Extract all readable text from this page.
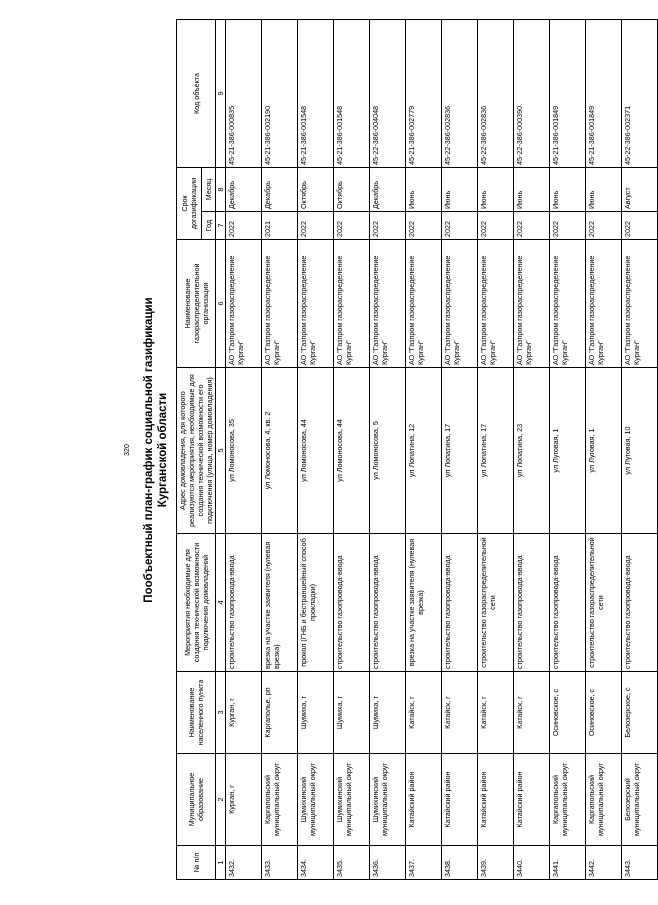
320 Пообъектный план-график социальной газификации Курганской области
№ п/п	Муниципальное образование	Наименование населенного пункта	Мероприятия необходимые для создания технической возможности подключения домовладений	Адрес домовладения, для которого реализуются мероприятия, необходимые для создания технической возможности его подключения (улица, номер домовладения)	Наименование газораспределительной организации	Срок догазификации		Код объекта
						Год	Месяц	
1	2	3	4	5	6	7	8	9
3432.	Курган, г	Курган, г	строительство газопровода-ввода	ул Ломоносова, 35	АО "Газпром газораспределение Курган"	2022	Декабрь	45-21-386-000835
3433.	Каргапольский муниципальный округ	Каргаполье, рп	врезка на участке заявителя (нулевая врезка)	ул Ломоносова, 4, кв. 2	АО "Газпром газораспределение Курган"	2021	Декабрь	45-21-386-002190
3434.	Шумихинский муниципальный округ	Шумиха, г	прокол (ГНБ и бестраншейный способ прокладки)	ул Ломоносова, 44	АО "Газпром газораспределение Курган"	2022	Октябрь	45-21-386-001548
3435.	Шумихинский муниципальный округ	Шумиха, г	строительство газопровода-ввода	ул Ломоносова, 44	АО "Газпром газораспределение Курган"	2022	Октябрь	45-21-386-001548
3436.	Шумихинский муниципальный округ	Шумиха, г	строительство газопровода-ввода	ул Ломоносова, 5	АО "Газпром газораспределение Курган"	2022	Декабрь	45-22-386-004048
3437.	Катайский район	Катайск, г	врезка на участке заявителя (нулевая врезка)	ул Лопатина, 12	АО "Газпром газораспределение Курган"	2022	Июнь	45-21-386-002779
3438.	Катайский район	Катайск, г	строительство газопровода-ввода	ул Лопатина, 17	АО "Газпром газораспределение Курган"	2022	Июнь	45-22-386-002836
3439.	Катайский район	Катайск, г	строительство газораспределительной сети	ул Лопатина, 17	АО "Газпром газораспределение Курган"	2022	Июнь	45-22-386-002836
3440.	Катайский район	Катайск, г	строительство газопровода-ввода	ул Лопатина, 23	АО "Газпром газораспределение Курган"	2022	Июнь	45-22-386-000390
3441.	Каргапольский муниципальный округ	Осиновское, с	строительство газопровода-ввода	ул Луговая, 1	АО "Газпром газораспределение Курган"	2022	Июнь	45-21-386-001849
3442.	Каргапольский муниципальный округ	Осиновское, с	строительство газораспределительной сети	ул Луговая, 1	АО "Газпром газораспределение Курган"	2022	Июнь	45-21-386-001849
3443.	Белозерский муниципальный округ	Белозерское, с	строительство газопровода-ввода	ул Луговая, 10	АО "Газпром газораспределение Курган"	2022	Август	45-22-386-002371
